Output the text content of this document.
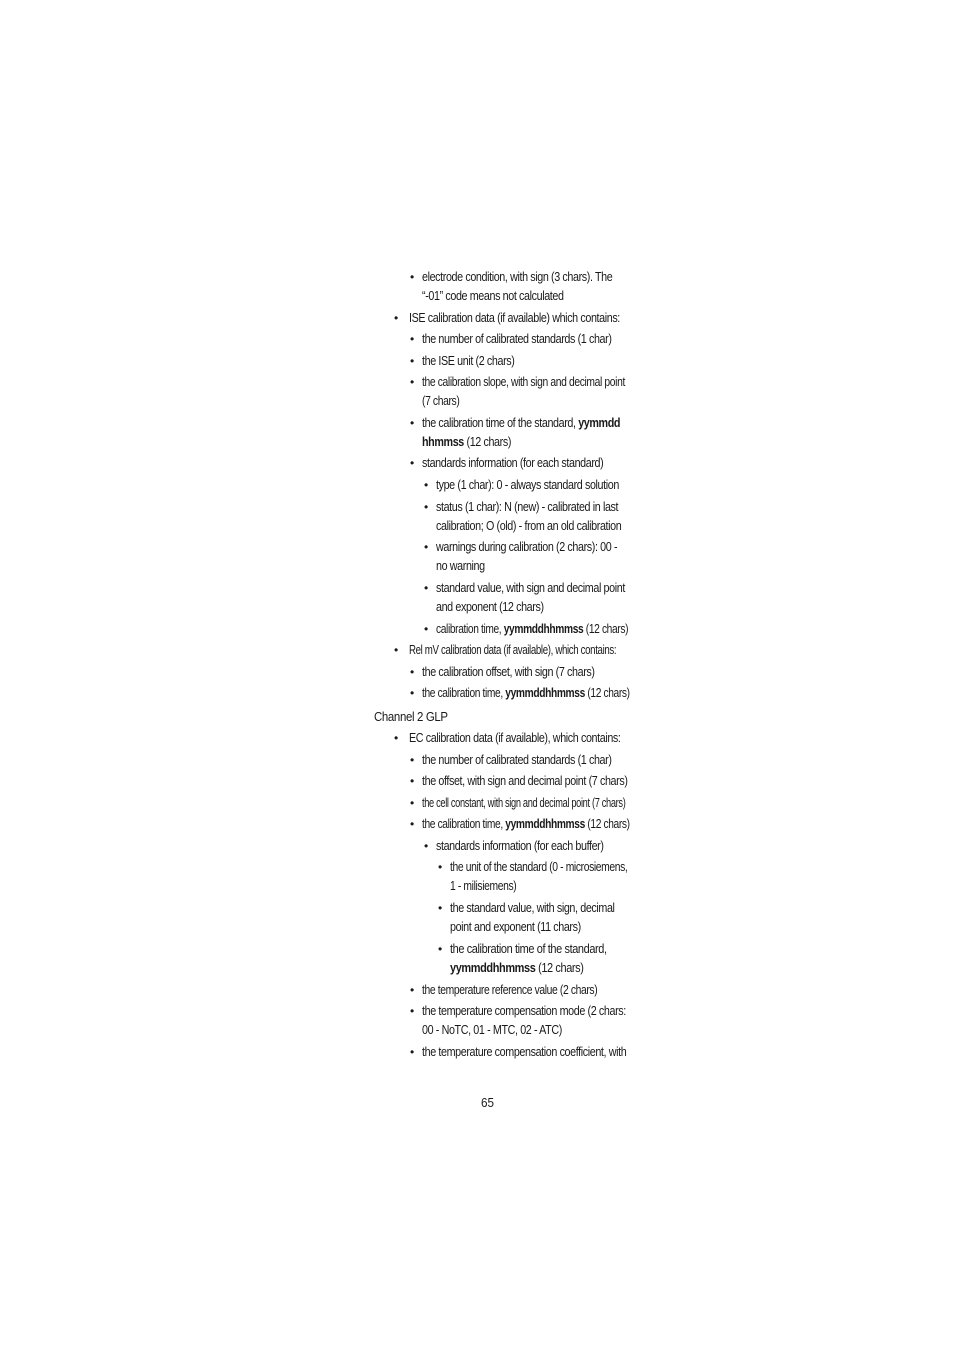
Channel 2 GLP
65
• electrode condition, with sign (3 chars). The
“-01” code means not calculated
• ISE calibration data (if available) which contains:
• the number of calibrated standards (1 char)
• the ISE unit (2 chars)
• the calibration slope, with sign and decimal point
(7 chars)
• the calibration time of the standard, yymmdd
hhmmss (12 chars)
• standards information (for each standard)
• type (1 char): 0 - always standard solution
• status (1 char): N (new) - calibrated in last
calibration; O (old) - from an old calibration
• warnings during calibration (2 chars): 00 -
no warning
• standard value, with sign and decimal point
and exponent (12 chars)
• calibration time, yymmddhhmmss (12 chars)
• Rel mV calibration data (if available), which contains:
• the calibration offset, with sign (7 chars)
• the calibration time, yymmddhhmmss (12 chars)
• EC calibration data (if available), which contains:
• the number of calibrated standards (1 char)
• the offset, with sign and decimal point (7 chars)
• the cell constant, with sign and decimal point (7 chars)
• the calibration time, yymmddhhmmss (12 chars)
• standards information (for each buffer)
• the unit of the standard (0 - microsiemens,
1 - milisiemens)
• the standard value, with sign, decimal
point and exponent (11 chars)
• the calibration time of the standard,
yymmddhhmmss (12 chars)
• the temperature reference value (2 chars)
• the temperature compensation mode (2 chars:
00 - NoTC, 01 - MTC, 02 - ATC)
• the temperature compensation coefficient, with
